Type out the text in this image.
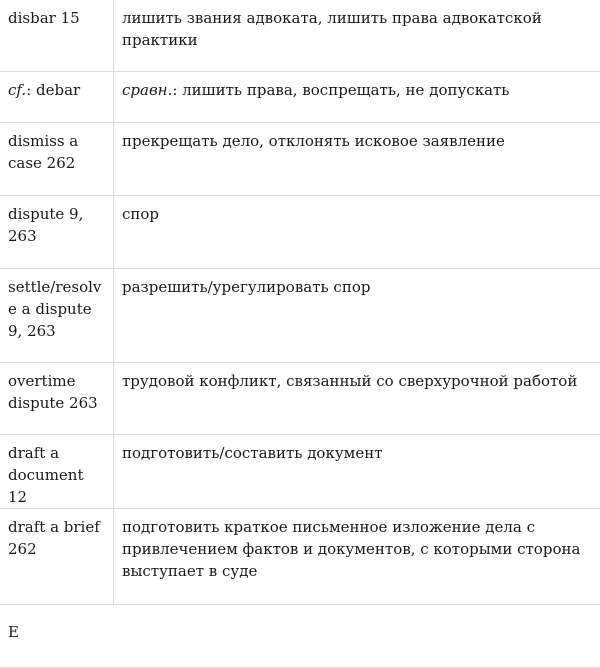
disbar 15	лишить звания адвоката, лишить права адвокатской практики
cf.: debar	сравн.: лишить права, воспрещать, не допускать
dismiss a case 262	прекрещать дело, отклонять исковое заявление
dispute 9, 263	спор
settle/resolve a dispute 9, 263	разрешить/урегулировать спор
overtime dispute 263	трудовой конфликт, связанный со сверхурочной работой
draft a document 12	подготовить/составить документ
draft a brief 262	подготовить краткое письменное изложение дела с привлечением фактов и документов, с которыми сторона выступает в суде
E	
